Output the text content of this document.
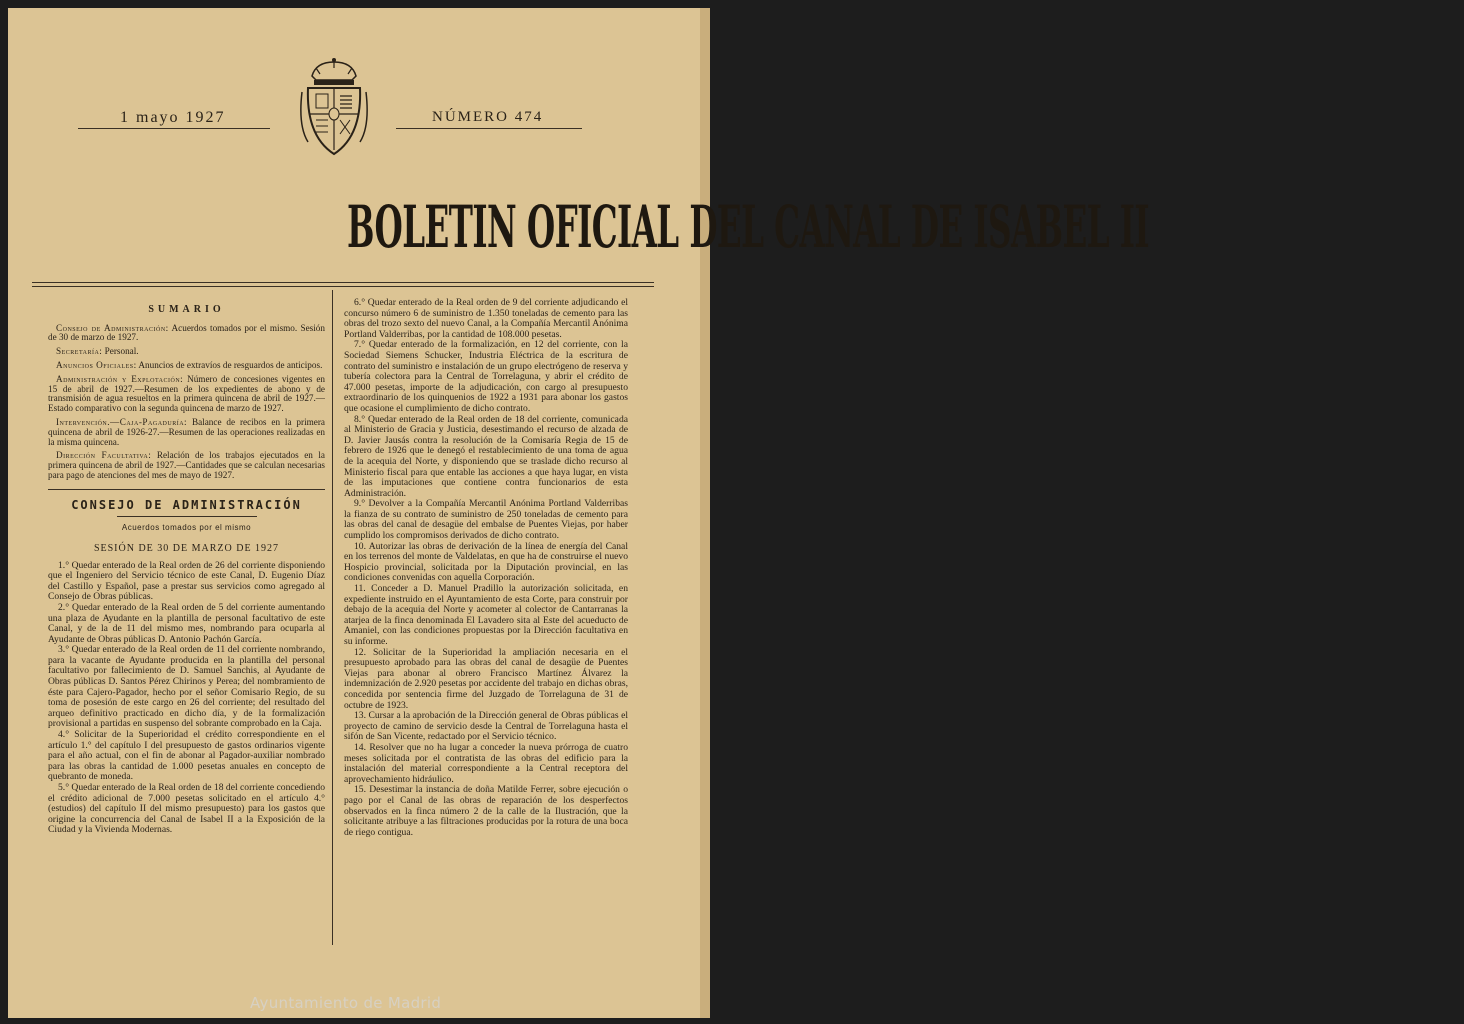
1 mayo 1927	NÚMERO 474
BOLETIN OFICIAL DEL CANAL DE ISABEL II
SUMARIO

Consejo de Administración: Acuerdos tomados por el mismo. Sesión de 30 de marzo de 1927.

Secretaría: Personal.

Anuncios Oficiales: Anuncios de extravíos de resguardos de anticipos.

Administración y Explotación: Número de concesiones vigentes en 15 de abril de 1927.—Resumen de los expedientes de abono y de transmisión de agua resueltos en la primera quincena de abril de 1927.—Estado comparativo con la segunda quincena de marzo de 1927.

Intervención.—Caja-Pagaduría: Balance de recibos en la primera quincena de abril de 1926-27.—Resumen de las operaciones realizadas en la misma quincena.

Dirección Facultativa: Relación de los trabajos ejecutados en la primera quincena de abril de 1927.—Cantidades que se calculan necesarias para pago de atenciones del mes de mayo de 1927.

CONSEJO DE ADMINISTRACIÓN
Acuerdos tomados por el mismo
SESIÓN DE 30 DE MARZO DE 1927

1.° Quedar enterado de la Real orden de 26 del corriente disponiendo que el Ingeniero del Servicio técnico de este Canal, D. Eugenio Díaz del Castillo y Español, pase a prestar sus servicios como agregado al Consejo de Obras públicas.

2.° Quedar enterado de la Real orden de 5 del corriente aumentando una plaza de Ayudante en la plantilla de personal facultativo de este Canal, y de la de 11 del mismo mes, nombrando para ocuparla al Ayudante de Obras públicas D. Antonio Pachón García.

3.° Quedar enterado de la Real orden de 11 del corriente nombrando, para la vacante de Ayudante producida en la plantilla del personal facultativo por fallecimiento de D. Samuel Sanchis, al Ayudante de Obras públicas D. Santos Pérez Chirinos y Perea; del nombramiento de éste para Cajero-Pagador, hecho por el señor Comisario Regio, de su toma de posesión de este cargo en 26 del corriente; del resultado del arqueo definitivo practicado en dicho día, y de la formalización provisional a partidas en suspenso del sobrante comprobado en la Caja.

4.° Solicitar de la Superioridad el crédito correspondiente en el artículo 1.° del capítulo I del presupuesto de gastos ordinarios vigente para el año actual, con el fin de abonar al Pagador-auxiliar nombrado para las obras la cantidad de 1.000 pesetas anuales en concepto de quebranto de moneda.

5.° Quedar enterado de la Real orden de 18 del corriente concediendo el crédito adicional de 7.000 pesetas solicitado en el artículo 4.° (estudios) del capítulo II del mismo presupuesto) para los gastos que origine la concurrencia del Canal de Isabel II a la Exposición de la Ciudad y la Vivienda Modernas.

6.° Quedar enterado de la Real orden de 9 del corriente adjudicando el concurso número 6 de suministro de 1.350 toneladas de cemento para las obras del trozo sexto del nuevo Canal, a la Compañía Mercantil Anónima Portland Valderribas, por la cantidad de 108.000 pesetas.

7.° Quedar enterado de la formalización, en 12 del corriente, con la Sociedad Siemens Schucker, Industria Eléctrica de la escritura de contrato del suministro e instalación de un grupo electrógeno de reserva y tubería colectora para la Central de Torrelaguna, y abrir el crédito de 47.000 pesetas, importe de la adjudicación, con cargo al presupuesto extraordinario de los quinquenios de 1922 a 1931 para abonar los gastos que ocasione el cumplimiento de dicho contrato.

8.° Quedar enterado de la Real orden de 18 del corriente, comunicada al Ministerio de Gracia y Justicia, desestimando el recurso de alzada de D. Javier Jausás contra la resolución de la Comisaría Regia de 15 de febrero de 1926 que le denegó el restablecimiento de una toma de agua de la acequia del Norte, y disponiendo que se traslade dicho recurso al Ministerio fiscal para que entable las acciones a que haya lugar, en vista de las imputaciones que contiene contra funcionarios de esta Administración.

9.° Devolver a la Compañía Mercantil Anónima Portland Valderribas la fianza de su contrato de suministro de 250 toneladas de cemento para las obras del canal de desagüe del embalse de Puentes Viejas, por haber cumplido los compromisos derivados de dicho contrato.

10. Autorizar las obras de derivación de la línea de energía del Canal en los terrenos del monte de Valdelatas, en que ha de construirse el nuevo Hospicio provincial, solicitada por la Diputación provincial, en las condiciones convenidas con aquella Corporación.

11. Conceder a D. Manuel Pradillo la autorización solicitada, en expediente instruido en el Ayuntamiento de esta Corte, para construir por debajo de la acequia del Norte y acometer al colector de Cantarranas la atarjea de la finca denominada El Lavadero sita al Este del acueducto de Amaniel, con las condiciones propuestas por la Dirección facultativa en su informe.

12. Solicitar de la Superioridad la ampliación necesaria en el presupuesto aprobado para las obras del canal de desagüe de Puentes Viejas para abonar al obrero Francisco Martínez Álvarez la indemnización de 2.920 pesetas por accidente del trabajo en dichas obras, concedida por sentencia firme del Juzgado de Torrelaguna de 31 de octubre de 1923.

13. Cursar a la aprobación de la Dirección general de Obras públicas el proyecto de camino de servicio desde la Central de Torrelaguna hasta el sifón de San Vicente, redactado por el Servicio técnico.

14. Resolver que no ha lugar a conceder la nueva prórroga de cuatro meses solicitada por el contratista de las obras del edificio para la instalación del material correspondiente a la Central receptora del aprovechamiento hidráulico.

15. Desestimar la instancia de doña Matilde Ferrer, sobre ejecución o pago por el Canal de las obras de reparación de los desperfectos observados en la finca número 2 de la calle de la Ilustración, que la solicitante atribuye a las filtraciones producidas por la rotura de una boca de riego contigua.

Ayuntamiento de Madrid
